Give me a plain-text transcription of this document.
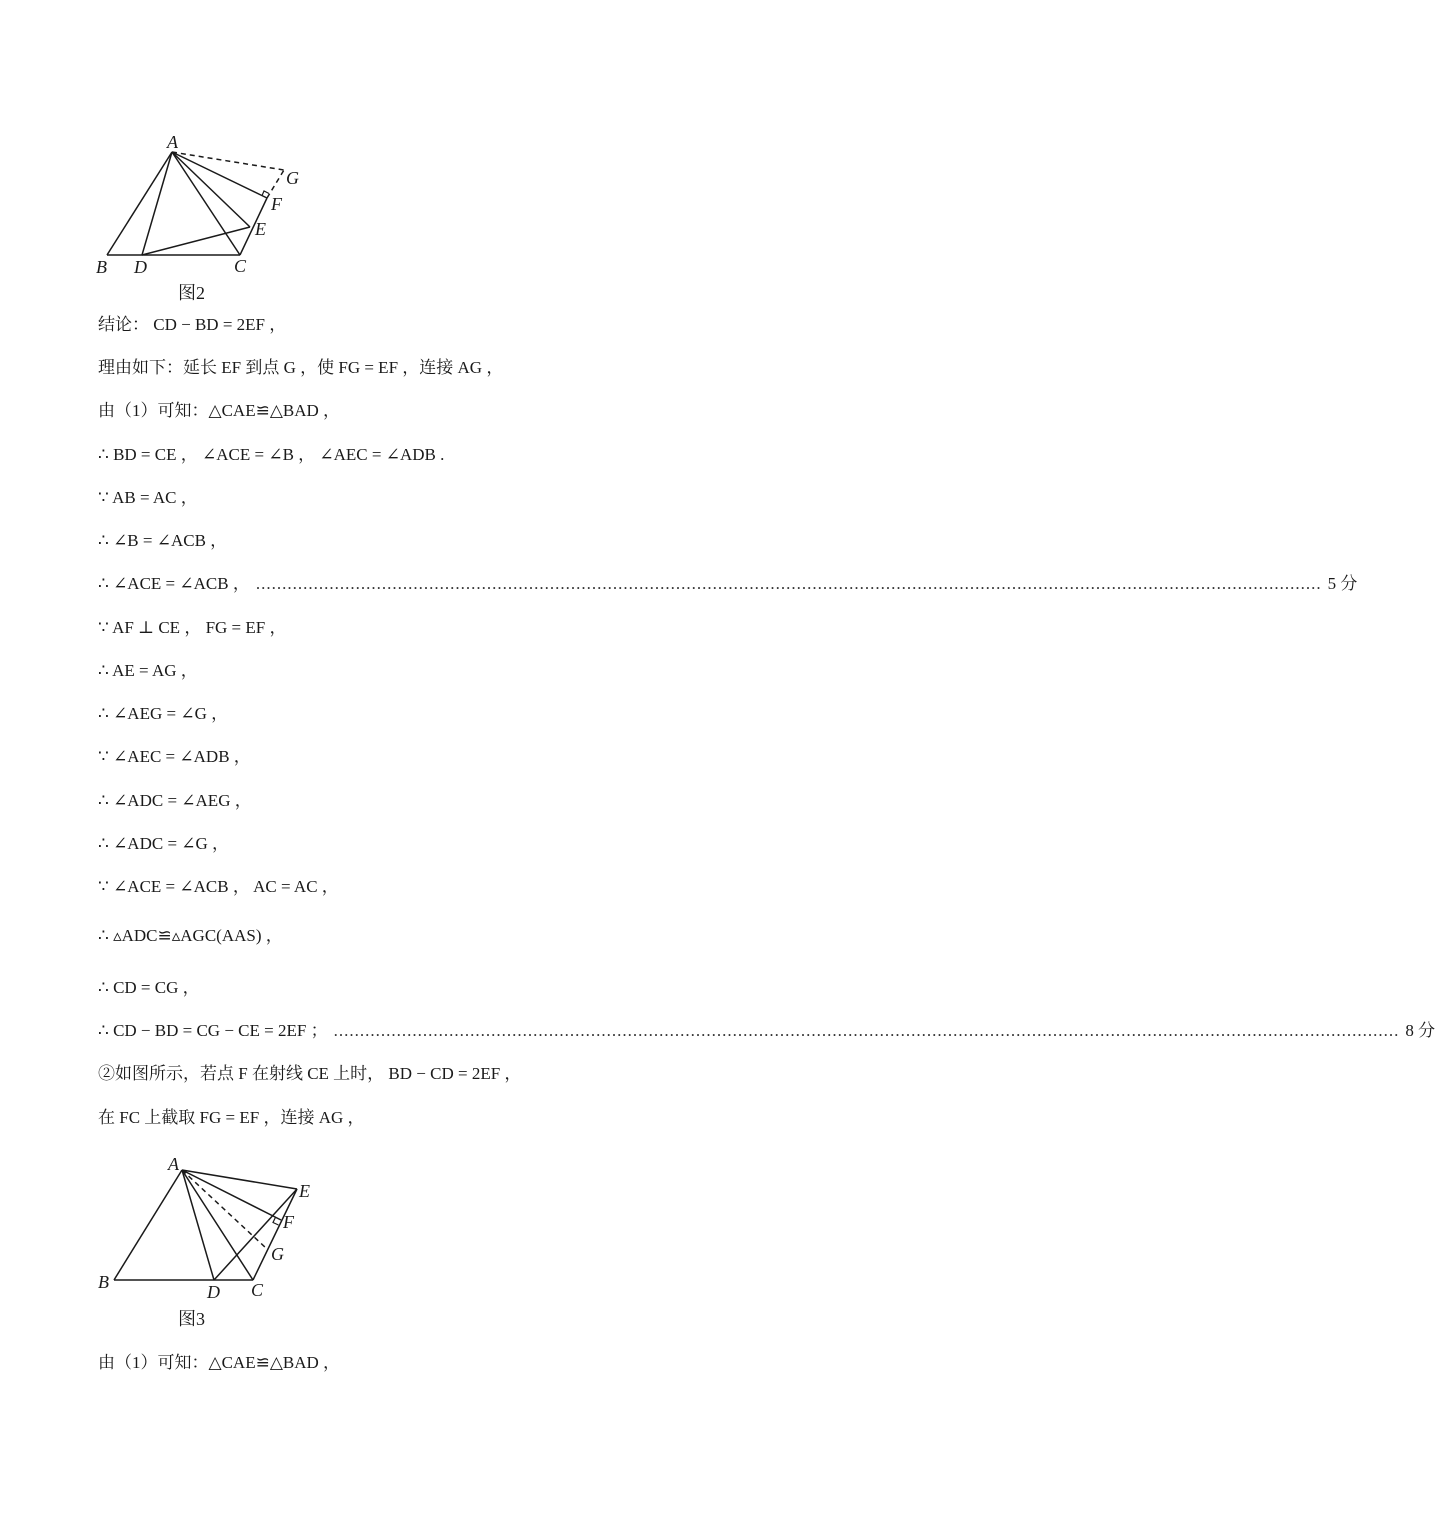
A
B D	C
E
F
G
图2
结论： CD − BD = 2EF ，
理由如下：延长 EF 到点 G ，使 FG = EF ，连接 AG ，
由（1）可知：△CAE≌△BAD ，
∴ BD = CE ， ∠ACE = ∠B ， ∠AEC = ∠ADB .
∵ AB = AC ，
∴ ∠B = ∠ACB ，
∴ ∠ACE = ∠ACB ， ........................................................................................................................................................................................................... 5 分
∵ AF ⊥ CE ， FG = EF ，
∴ AE = AG ，
∴ ∠AEG = ∠G ，
∵ ∠AEC = ∠ADB ，
∴ ∠ADC = ∠AEG ，
∴ ∠ADC = ∠G ，
∵ ∠ACE = ∠ACB ， AC = AC ，
∴ ▵ADC≌▵AGC(AAS) ，
∴ CD = CG ，
∴ CD − BD = CG − CE = 2EF ； ........................................................................................................................................................................................................... 8 分
②如图所示，若点 F 在射线 CE 上时， BD − CD = 2EF ，
在 FC 上截取 FG = EF ，连接 AG ，
A
B	D C
E
F
G
图3
由（1）可知：△CAE≌△BAD ，
